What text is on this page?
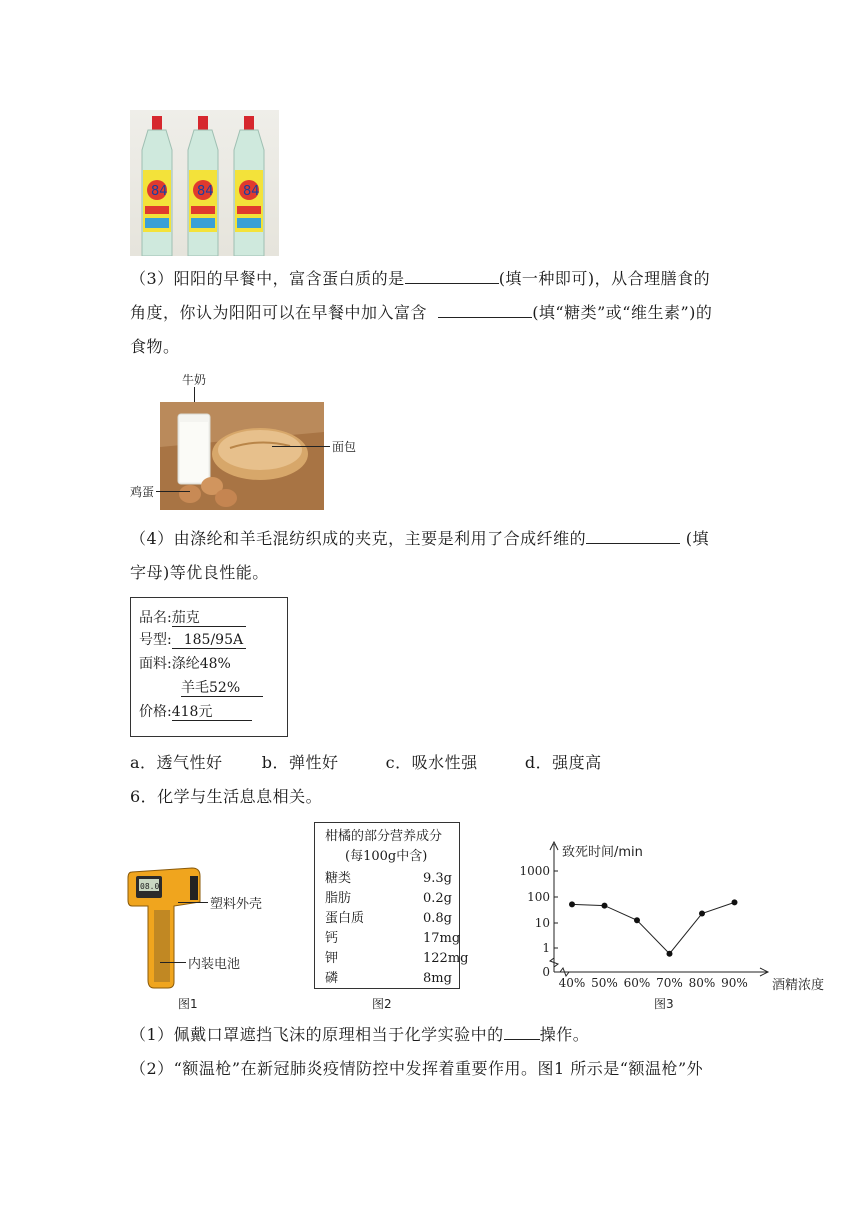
84 84 84
（3）阳阳的早餐中，富含蛋白质的是	(填一种即可)，从合理膳食的
角度，你认为阳阳可以在早餐中加入富含	(填“糖类”或“维生素”)的
食物。
牛奶
面包
鸡蛋
（4）由涤纶和羊毛混纺织成的夹克，主要是利用了合成纤维的	(填
字母)等优良性能。
品名:茄克
号型: 185/95A
面料:涤纶48%
羊毛52%
价格:418元
a．透气性好 b．弹性好	c．吸水性强	d．强度高
6．化学与生活息息相关。
08.0
塑料外壳
内装电池
图1
柑橘的部分营养成分
(每100g中含)
糖类	9.3g
脂肪	0.2g
蛋白质	0.8g
钙	17mg
钾	122mg
磷	8mg
图2
致死时间/min
0
1
10
100
1000
40% 50% 60% 70% 80% 90% 酒精浓度
图3
（1）佩戴口罩遮挡飞沫的原理相当于化学实验中的 操作。
（2）“额温枪”在新冠肺炎疫情防控中发挥着重要作用。图1 所示是“额温枪”外
